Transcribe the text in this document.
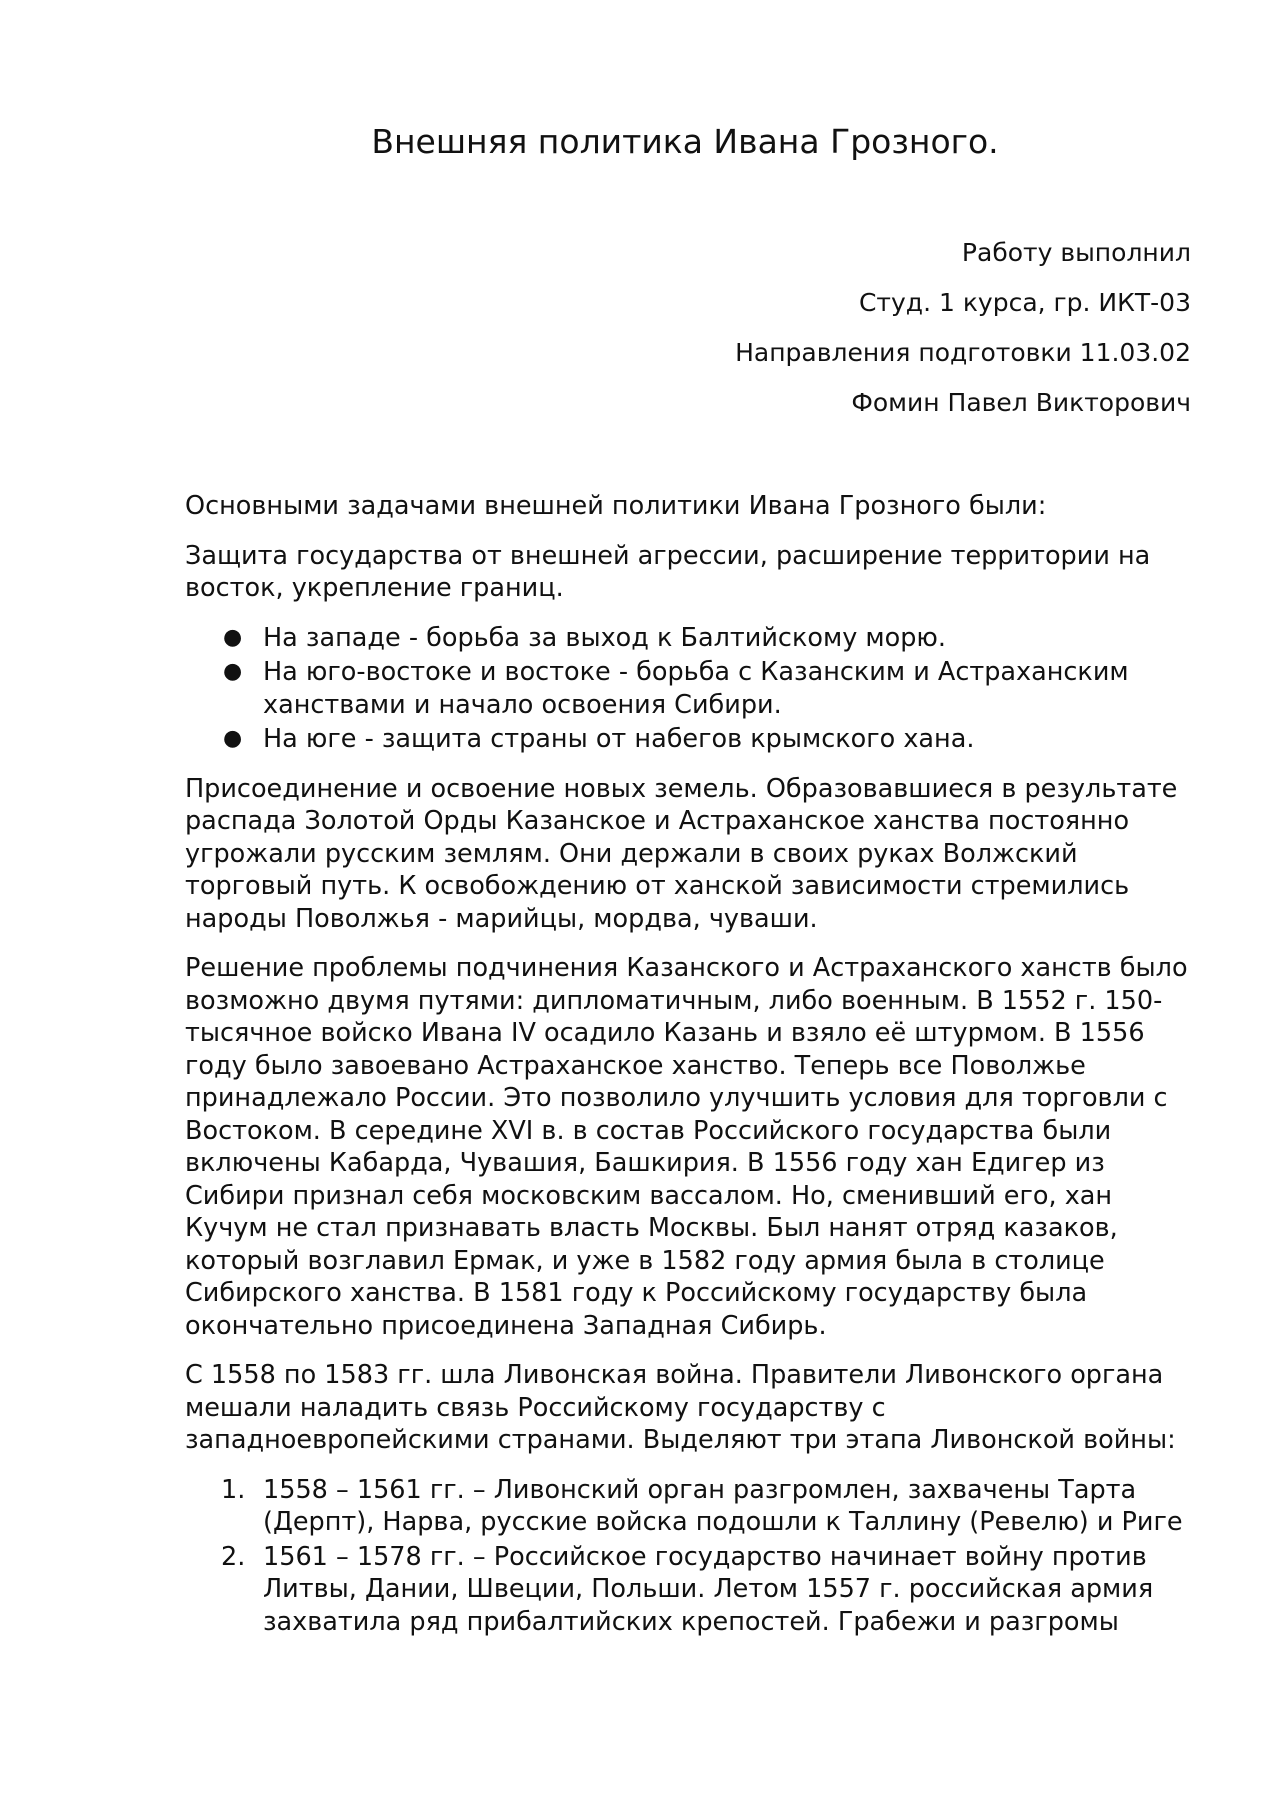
Внешняя политика Ивана Грозного.

Работу выполнил

Студ. 1 курса, гр. ИКТ-03

Направления подготовки 11.03.02

Фомин Павел Викторович

Основными задачами внешней политики Ивана Грозного были:

Защита государства от внешней агрессии, расширение территории на восток, укрепление границ.

● На западе - борьба за выход к Балтийскому морю.
● На юго-востоке и востоке - борьба с Казанским и Астраханским ханствами и начало освоения Сибири.
● На юге - защита страны от набегов крымского хана.

Присоединение и освоение новых земель. Образовавшиеся в результате распада Золотой Орды Казанское и Астраханское ханства постоянно угрожали русским землям. Они держали в своих руках Волжский торговый путь. К освобождению от ханской зависимости стремились народы Поволжья - марийцы, мордва, чуваши.

Решение проблемы подчинения Казанского и Астраханского ханств было возможно двумя путями: дипломатичным, либо военным. В 1552 г. 150-тысячное войско Ивана IV осадило Казань и взяло её штурмом. В 1556 году было завоевано Астраханское ханство. Теперь все Поволжье принадлежало России. Это позволило улучшить условия для торговли с Востоком. В середине XVI в. в состав Российского государства были включены Кабарда, Чувашия, Башкирия. В 1556 году хан Едигер из Сибири признал себя московским вассалом. Но, сменивший его, хан Кучум не стал признавать власть Москвы. Был нанят отряд казаков, который возглавил Ермак, и уже в 1582 году армия была в столице Сибирского ханства. В 1581 году к Российскому государству была окончательно присоединена Западная Сибирь.

С 1558 по 1583 гг. шла Ливонская война. Правители Ливонского органа мешали наладить связь Российскому государству с западноевропейскими странами. Выделяют три этапа Ливонской войны:

1. 1558 – 1561 гг. – Ливонский орган разгромлен, захвачены Тарта (Дерпт), Нарва, русские войска подошли к Таллину (Ревелю) и Риге
2. 1561 – 1578 гг. – Российское государство начинает войну против Литвы, Дании, Швеции, Польши. Летом 1557 г. российская армия захватила ряд прибалтийских крепостей. Грабежи и разгромы
